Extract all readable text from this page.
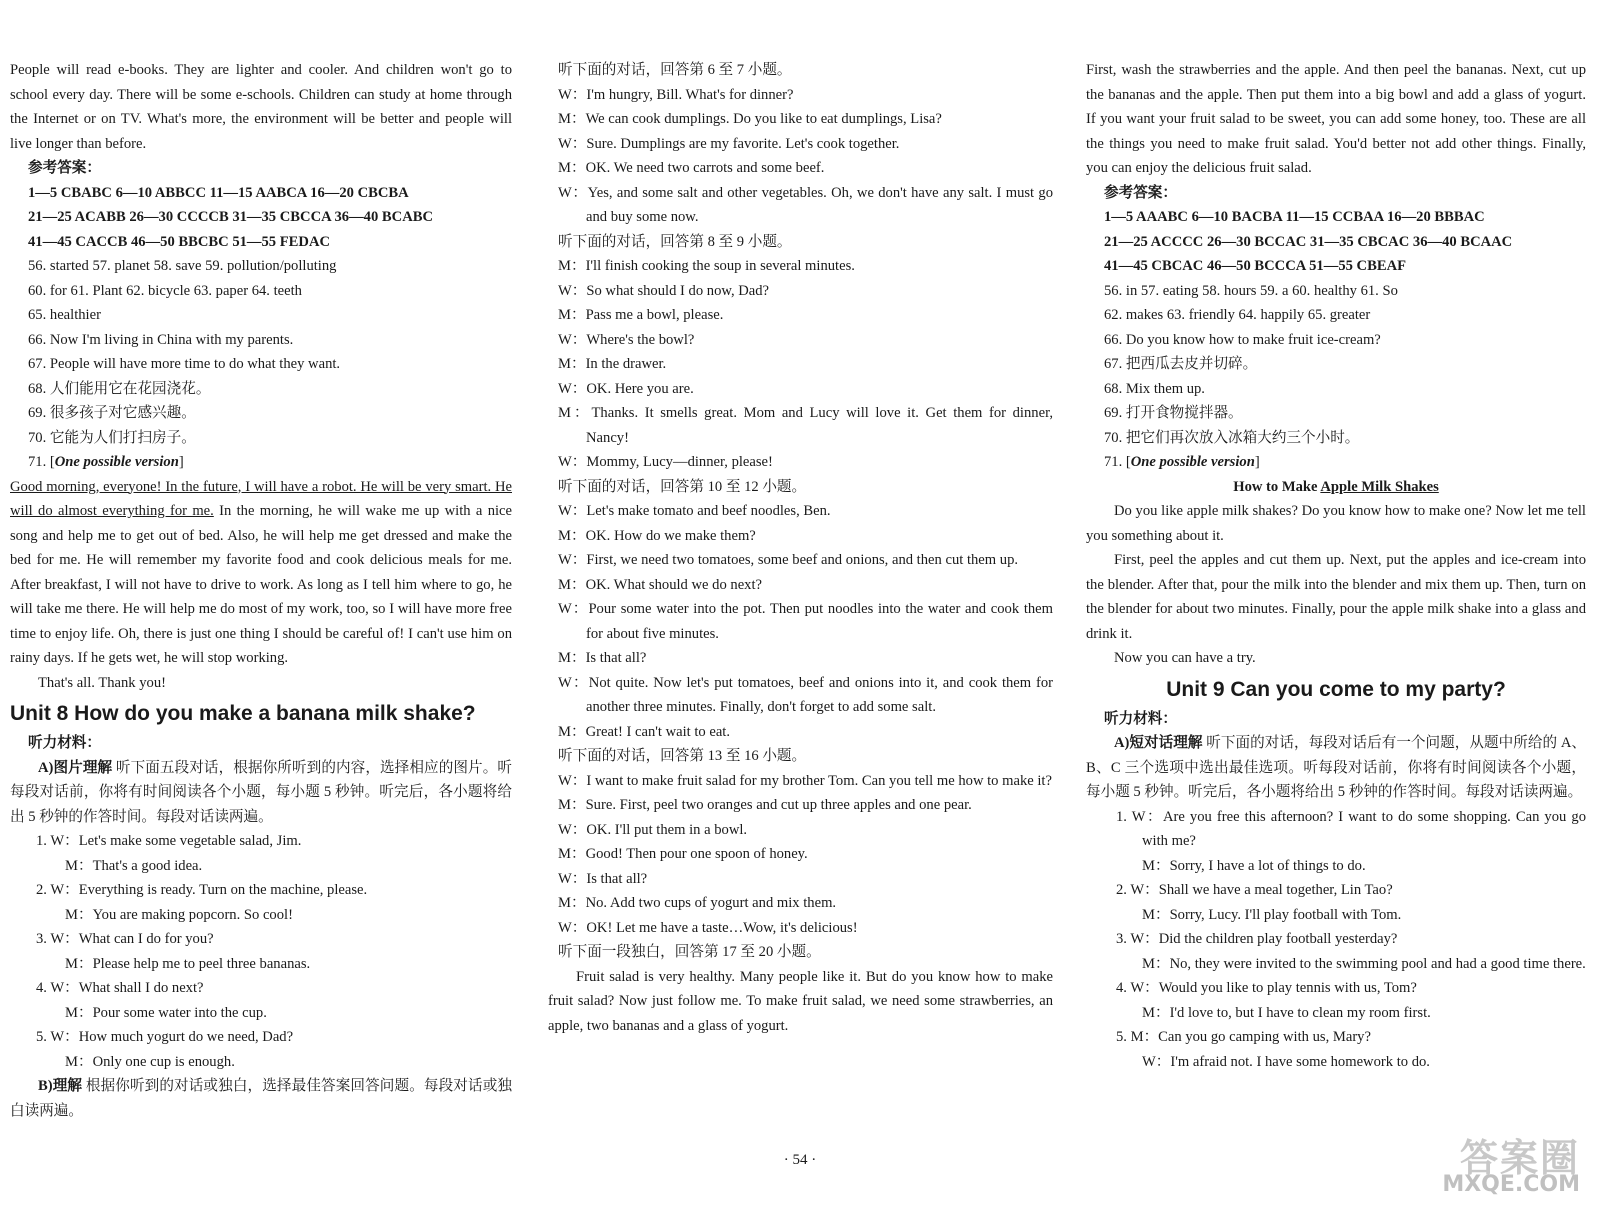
People will read e-books. They are lighter and cooler. And children won't go to school every day. There will be some e-schools. Children can study at home through the Internet or on TV. What's more, the environment will be better and people will live longer than before.

参考答案：
1—5 CBABC 6—10 ABBCC 11—15 AABCA 16—20 CBCBA
21—25 ACABB 26—30 CCCCB 31—35 CBCCA 36—40 BCABC
41—45 CACCB 46—50 BBCBC 51—55 FEDAC
56. started 57. planet 58. save 59. pollution/polluting
60. for 61. Plant 62. bicycle 63. paper 64. teeth
65. healthier
66. Now I'm living in China with my parents.
67. People will have more time to do what they want.
68. 人们能用它在花园浇花。
69. 很多孩子对它感兴趣。
70. 它能为人们打扫房子。
71. [One possible version]

Good morning, everyone! In the future, I will have a robot. He will be very smart. He will do almost everything for me. In the morning, he will wake me up with a nice song and help me to get out of bed. Also, he will help me get dressed and make the bed for me. He will remember my favorite food and cook delicious meals for me. After breakfast, I will not have to drive to work. As long as I tell him where to go, he will take me there. He will help me do most of my work, too, so I will have more free time to enjoy life. Oh, there is just one thing I should be careful of! I can't use him on rainy days. If he gets wet, he will stop working.

That's all. Thank you!

Unit 8 How do you make a banana milk shake?
听力材料：

A)图片理解 听下面五段对话，根据你所听到的内容，选择相应的图片。听每段对话前，你将有时间阅读各个小题，每小题 5 秒钟。听完后，各小题将给出 5 秒钟的作答时间。每段对话读两遍。

1. W：Let's make some vegetable salad, Jim.
M：That's a good idea.
2. W：Everything is ready. Turn on the machine, please.
M：You are making popcorn. So cool!
3. W：What can I do for you?
M：Please help me to peel three bananas.
4. W：What shall I do next?
M：Pour some water into the cup.
5. W：How much yogurt do we need, Dad?
M：Only one cup is enough.

B)理解 根据你听到的对话或独白，选择最佳答案回答问题。每段对话或独白读两遍。

听下面的对话，回答第 6 至 7 小题。
W：I'm hungry, Bill. What's for dinner?
M：We can cook dumplings. Do you like to eat dumplings, Lisa?
W：Sure. Dumplings are my favorite. Let's cook together.
M：OK. We need two carrots and some beef.
W：Yes, and some salt and other vegetables. Oh, we don't have any salt. I must go and buy some now.
听下面的对话，回答第 8 至 9 小题。
M：I'll finish cooking the soup in several minutes.
W：So what should I do now, Dad?
M：Pass me a bowl, please.
W：Where's the bowl?
M：In the drawer.
W：OK. Here you are.
M：Thanks. It smells great. Mom and Lucy will love it. Get them for dinner, Nancy!
W：Mommy, Lucy—dinner, please!
听下面的对话，回答第 10 至 12 小题。
W：Let's make tomato and beef noodles, Ben.
M：OK. How do we make them?
W：First, we need two tomatoes, some beef and onions, and then cut them up.
M：OK. What should we do next?
W：Pour some water into the pot. Then put noodles into the water and cook them for about five minutes.
M：Is that all?
W：Not quite. Now let's put tomatoes, beef and onions into it, and cook them for another three minutes. Finally, don't forget to add some salt.
M：Great! I can't wait to eat.
听下面的对话，回答第 13 至 16 小题。
W：I want to make fruit salad for my brother Tom. Can you tell me how to make it?
M：Sure. First, peel two oranges and cut up three apples and one pear.
W：OK. I'll put them in a bowl.
M：Good! Then pour one spoon of honey.
W：Is that all?
M：No. Add two cups of yogurt and mix them.
W：OK! Let me have a taste…Wow, it's delicious!
听下面一段独白，回答第 17 至 20 小题。

Fruit salad is very healthy. Many people like it. But do you know how to make fruit salad? Now just follow me. To make fruit salad, we need some strawberries, an apple, two bananas and a glass of yogurt.

First, wash the strawberries and the apple. And then peel the bananas. Next, cut up the bananas and the apple. Then put them into a big bowl and add a glass of yogurt. If you want your fruit salad to be sweet, you can add some honey, too. These are all the things you need to make fruit salad. You'd better not add other things. Finally, you can enjoy the delicious fruit salad.

参考答案：
1—5 AAABC 6—10 BACBA 11—15 CCBAA 16—20 BBBAC
21—25 ACCCC 26—30 BCCAC 31—35 CBCAC 36—40 BCAAC
41—45 CBCAC 46—50 BCCCA 51—55 CBEAF
56. in 57. eating 58. hours 59. a 60. healthy 61. So
62. makes 63. friendly 64. happily 65. greater
66. Do you know how to make fruit ice-cream?
67. 把西瓜去皮并切碎。
68. Mix them up.
69. 打开食物搅拌器。
70. 把它们再次放入冰箱大约三个小时。
71. [One possible version]
How to Make Apple Milk Shakes

Do you like apple milk shakes? Do you know how to make one? Now let me tell you something about it.

First, peel the apples and cut them up. Next, put the apples and ice-cream into the blender. After that, pour the milk into the blender and mix them up. Then, turn on the blender for about two minutes. Finally, pour the apple milk shake into a glass and drink it.

Now you can have a try.

Unit 9 Can you come to my party?
听力材料：

A)短对话理解 听下面的对话，每段对话后有一个问题，从题中所给的 A、B、C 三个选项中选出最佳选项。听每段对话前，你将有时间阅读各个小题，每小题 5 秒钟。听完后，各小题将给出 5 秒钟的作答时间。每段对话读两遍。

1. W：Are you free this afternoon? I want to do some shopping. Can you go with me?
M：Sorry, I have a lot of things to do.
2. W：Shall we have a meal together, Lin Tao?
M：Sorry, Lucy. I'll play football with Tom.
3. W：Did the children play football yesterday?
M：No, they were invited to the swimming pool and had a good time there.
4. W：Would you like to play tennis with us, Tom?
M：I'd love to, but I have to clean my room first.
5. M：Can you go camping with us, Mary?
W：I'm afraid not. I have some homework to do.
· 54 ·	答案圈
MXQE.COM
